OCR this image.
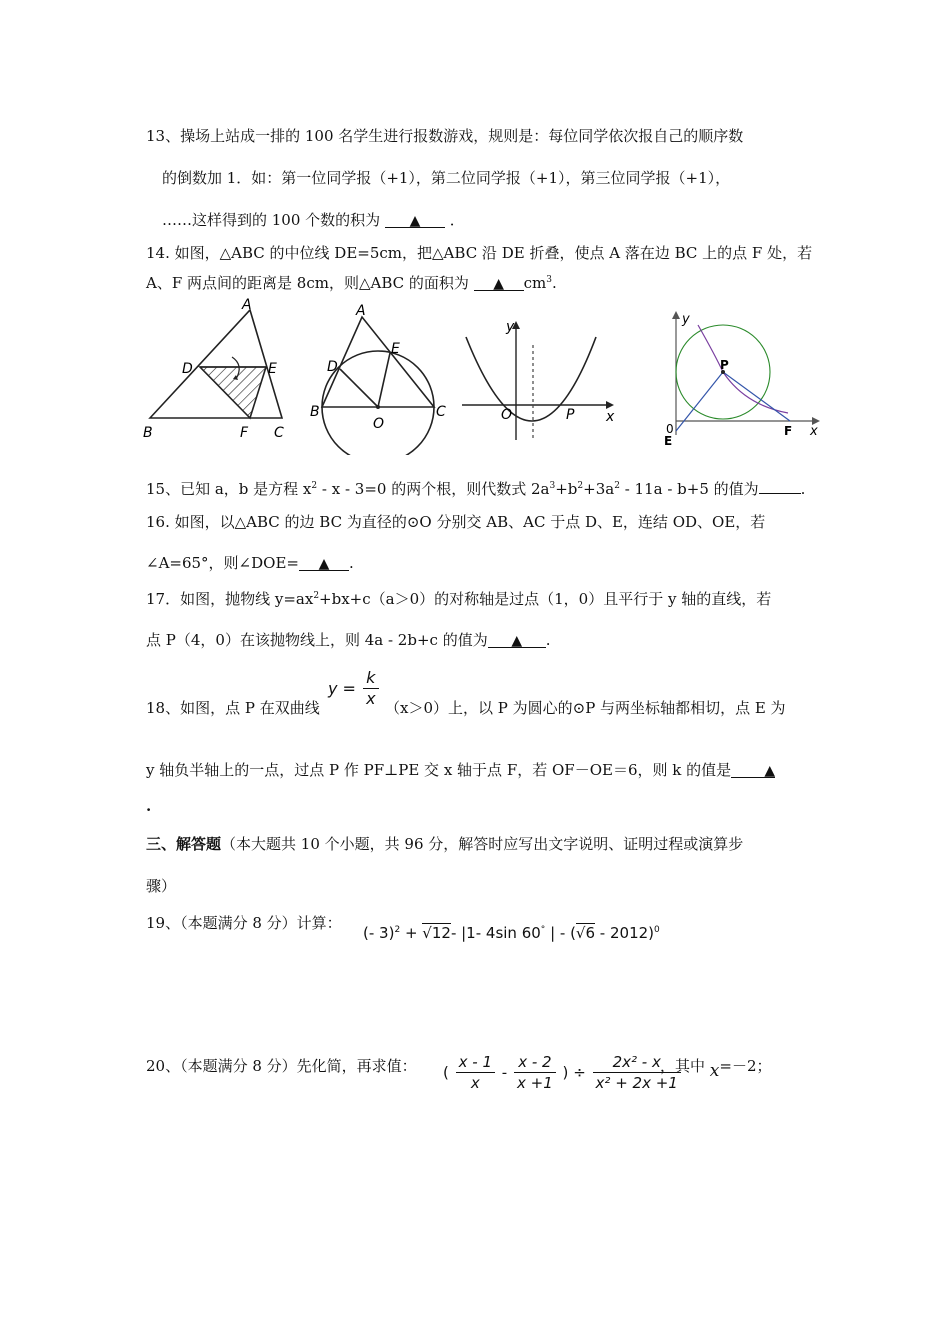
13、操场上站成一排的 100 名学生进行报数游戏，规则是：每位同学依次报自己的顺序数
的倒数加 1．如：第一位同学报（+1），第二位同学报（+1），第三位同学报（+1），
……这样得到的 100 个数的积为 ▲ ．
14. 如图，△ABC 的中位线 DE=5cm，把△ABC 沿 DE 折叠，使点 A 落在边 BC 上的点 F 处，若
A、F 两点间的距离是 8cm，则△ABC 的面积为 ▲ $cm^3$.
A
D	E
B	F C
A
D
E
B
O
C
y
x
O	P
y
x
0
P
E
F
15、已知 a，b 是方程 $x^2 - x - 3=0$ 的两个根，则代数式 $2a^3+b^2+3a^2 - 11a - b+5$ 的值为	.
16. 如图，以△ABC 的边 BC 为直径的⊙O 分别交 AB、AC 于点 D、E，连结 OD、OE，若
∠A=65°，则∠DOE= ▲ .
17．如图，抛物线 $y=ax^2+bx+c(a>0)$的对称轴是过点（1，0）且平行于 y 轴的直线，若
点 P（4，0）在该抛物线上，则 4a - 2b+c 的值为 ▲ .
18、如图，点 P 在双曲线
$y = \frac{k}{x} (x>0)$上，以 P 为圆心的⊙P 与两坐标轴都相切，点 E 为
y 轴负半轴上的一点，过点 P 作 PF⊥PE 交 x 轴于点 F，若 OF－OE＝6，则 k 的值是 ▲
.
三、解答题（本大题共 10 个小题，共 96 分，解答时应写出文字说明、证明过程或演算步
骤）
19、（本题满分 8 分）计算：
(- 3)$^2$ + √12- |1- 4sin 60° | - (√6 - 2012)$^0$
20、（本题满分 8 分）先化简，再求值： ( $\frac{x - 1}{x} - \frac{x - 2}{x +1}$ ) ÷ $\frac{\text{2x² - x}}{\text{x² + 2x +1}}$
，其中 x=－2；
